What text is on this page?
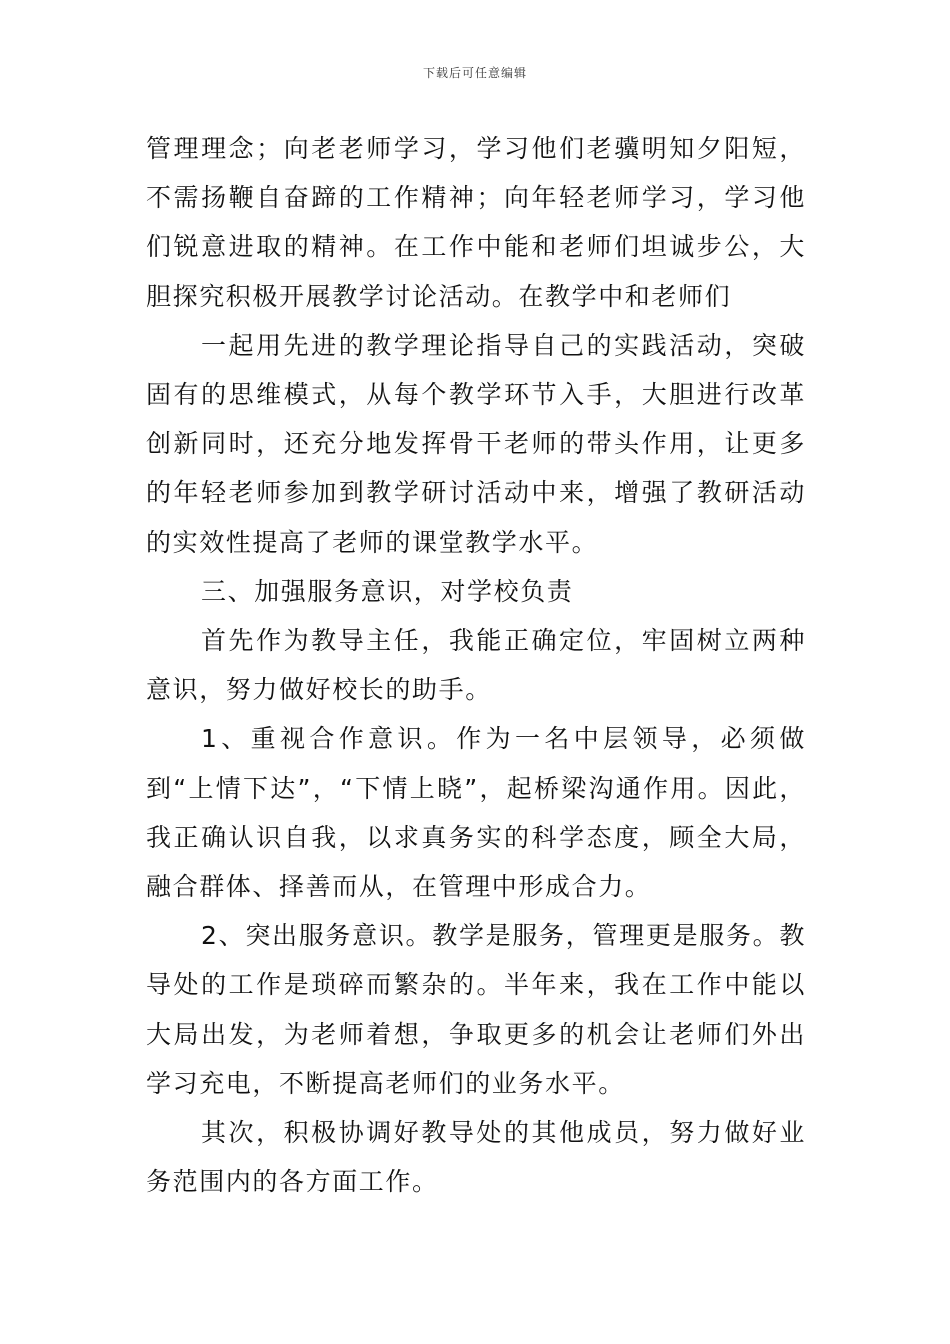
下载后可任意编辑

管理理念；向老老师学习，学习他们老骥明知夕阳短，不需扬鞭自奋蹄的工作精神；向年轻老师学习，学习他们锐意进取的精神。在工作中能和老师们坦诚步公，大胆探究积极开展教学讨论活动。在教学中和老师们

一起用先进的教学理论指导自己的实践活动，突破固有的思维模式，从每个教学环节入手，大胆进行改革创新同时，还充分地发挥骨干老师的带头作用，让更多的年轻老师参加到教学研讨活动中来，增强了教研活动的实效性提高了老师的课堂教学水平。

三、加强服务意识，对学校负责

首先作为教导主任，我能正确定位，牢固树立两种意识，努力做好校长的助手。

1、重视合作意识。作为一名中层领导，必须做到“上情下达”，“下情上晓”，起桥梁沟通作用。因此，我正确认识自我，以求真务实的科学态度，顾全大局，融合群体、择善而从，在管理中形成合力。

2、突出服务意识。教学是服务，管理更是服务。教导处的工作是琐碎而繁杂的。半年来，我在工作中能以大局出发，为老师着想，争取更多的机会让老师们外出学习充电，不断提高老师们的业务水平。

其次，积极协调好教导处的其他成员，努力做好业务范围内的各方面工作。
